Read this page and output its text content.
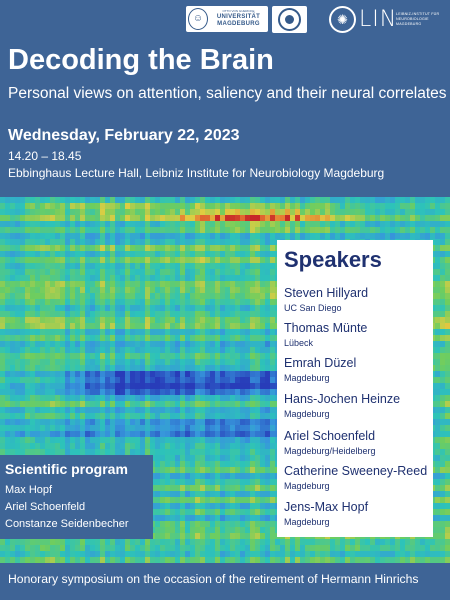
☺
OTTO VON GUERICKE
UNIVERSITÄT MAGDEBURG	✺ LIN
LEIBNIZ-INSTITUT FÜR NEUROBIOLOGIE MAGDEBURG
Decoding the Brain

Personal views on attention, saliency and their neural correlates

Wednesday, February 22, 2023

14.20 – 18.45

Ebbinghaus Lecture Hall, Leibniz Institute for Neurobiology Magdeburg

Speakers
Steven Hillyard
UC San Diego
Thomas Münte
Lübeck
Emrah Düzel
Magdeburg
Hans-Jochen Heinze
Magdeburg
Ariel Schoenfeld
Magdeburg/Heidelberg
Catherine Sweeney-Reed
Magdeburg
Jens-Max Hopf
Magdeburg
Scientific program
Max Hopf
Ariel Schoenfeld
Constanze Seidenbecher

Honorary symposium on the occasion of the retirement of Hermann Hinrichs
